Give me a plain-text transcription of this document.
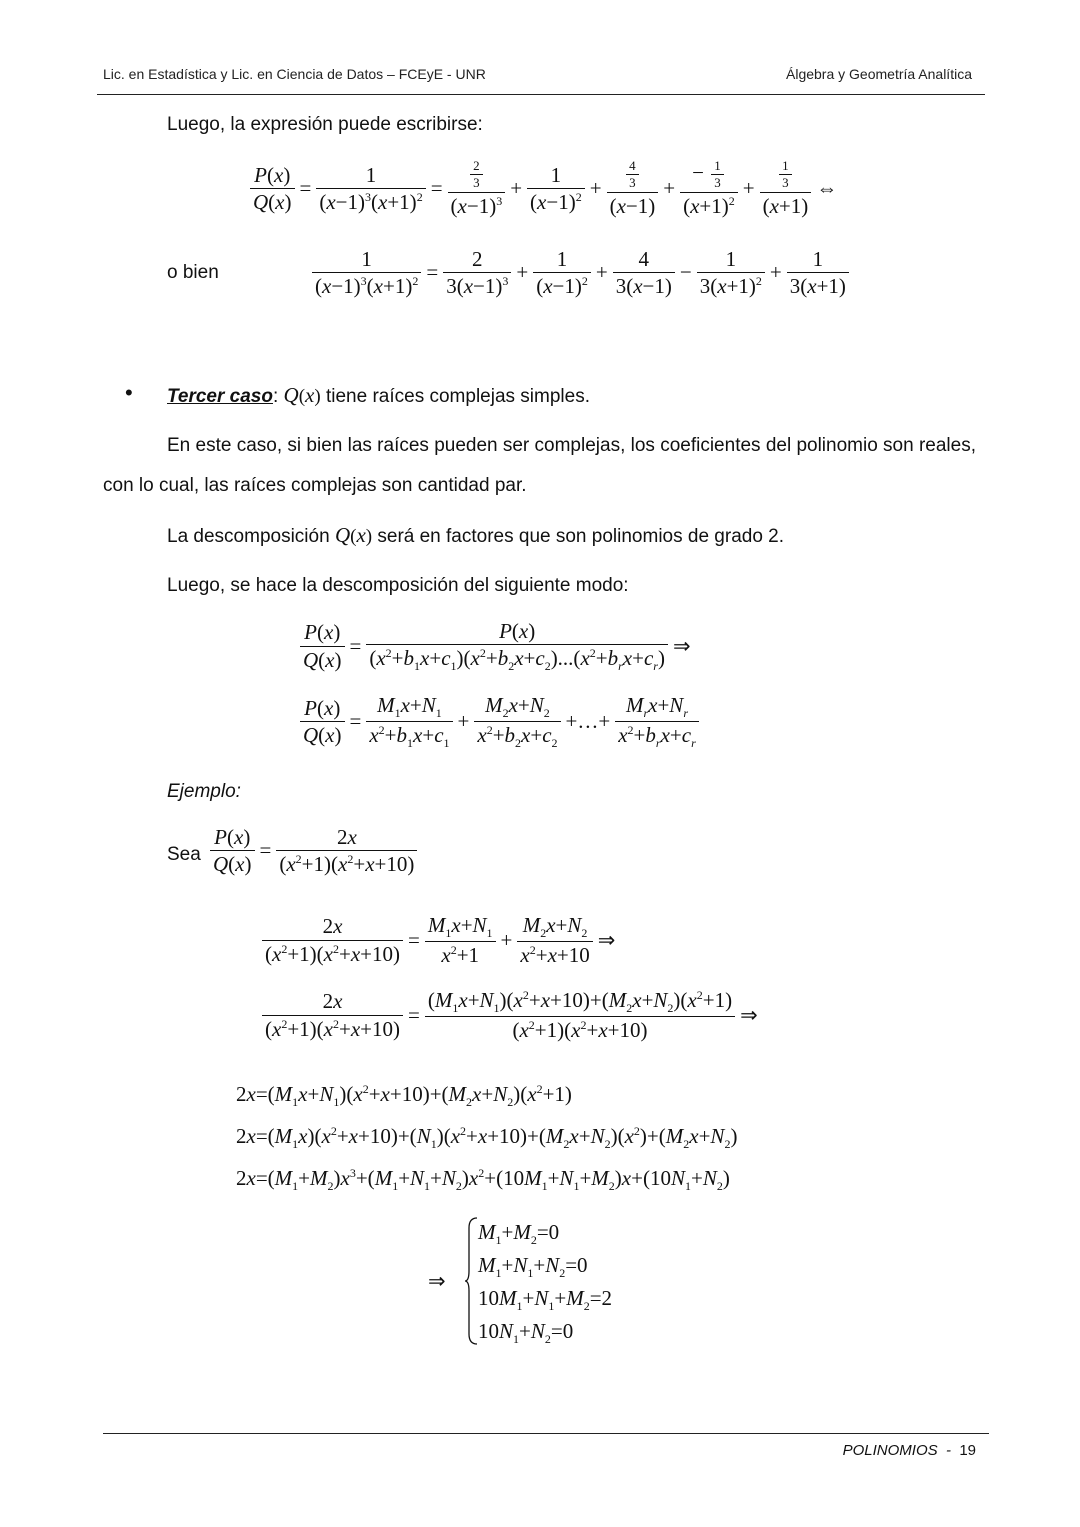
Lic. en Estadística y Lic. en Ciencia de Datos – FCEyE - UNR	Álgebra y Geometría Analítica
Luego, la expresión puede escribirse:
$\frac{P(x)}{Q(x)} = \frac{1}{(x-1)^3(x+1)^2} = \frac{\frac{2}{3}}{(x-1)^3} + \frac{1}{(x-1)^2} + \frac{\frac{4}{3}}{(x-1)} + \frac{- \frac{1}{3}}{(x+1)^2} + \frac{\frac{1}{3}}{(x+1)}$ ⇔
o bien	$\frac{1}{(x-1)^3(x+1)^2} = \frac{2}{3(x-1)^3} + \frac{1}{(x-1)^2} + \frac{4}{3(x-1)} - \frac{1}{3(x+1)^2} + \frac{1}{3(x+1)}$
• Tercer caso: Q(x) tiene raíces complejas simples.
En este caso, si bien las raíces pueden ser complejas, los coeficientes del polinomio son reales, con lo cual, las raíces complejas son cantidad par.
La descomposición Q(x) será en factores que son polinomios de grado 2.
Luego, se hace la descomposición del siguiente modo:
$\frac{P(x)}{Q(x)} = \frac{P(x)}{(x^2+b_1x+c_1)(x^2+b_2x+c_2)...(x^2+b_rx+c_r)}$ ⇒
$\frac{P(x)}{Q(x)} = \frac{M_1x+N_1}{x^2+b_1x+c_1} + \frac{M_2x+N_2}{x^2+b_2x+c_2}$ +…+ $\frac{M_rx+N_r}{x^2+b_rx+c_r}$
Ejemplo:
Sea $\frac{P(x)}{Q(x)} = \frac{2x}{(x^2+1)(x^2+x+10)}$
$\frac{2x}{(x^2+1)(x^2+x+10)} = \frac{M_1x+N_1}{x^2+1} + \frac{M_2x+N_2}{x^2+x+10}$ ⇒
$\frac{2x}{(x^2+1)(x^2+x+10)} = \frac{(M_1x+N_1)(x^2+x+10)+(M_2x+N_2)(x^2+1)}{(x^2+1)(x^2+x+10)}$ ⇒
$2x=(M_1x+N_1)(x^2+x+10)+(M_2x+N_2)(x^2+1)$
$2x=(M_1x)(x^2+x+10)+(N_1)(x^2+x+10)+(M_2x+N_2)(x^2)+(M_2x+N_2)$
$2x=(M_1+M_2)x^3+(M_1+N_1+N_2)x^2+(10M_1+N_1+M_2)x+(10N_1+N_2)$
⇒
$M_1+M_2=0$
$M_1+N_1+N_2=0$
$10M_1+N_1+M_2=2$
$10N_1+N_2=0$
POLINOMIOS - 19
